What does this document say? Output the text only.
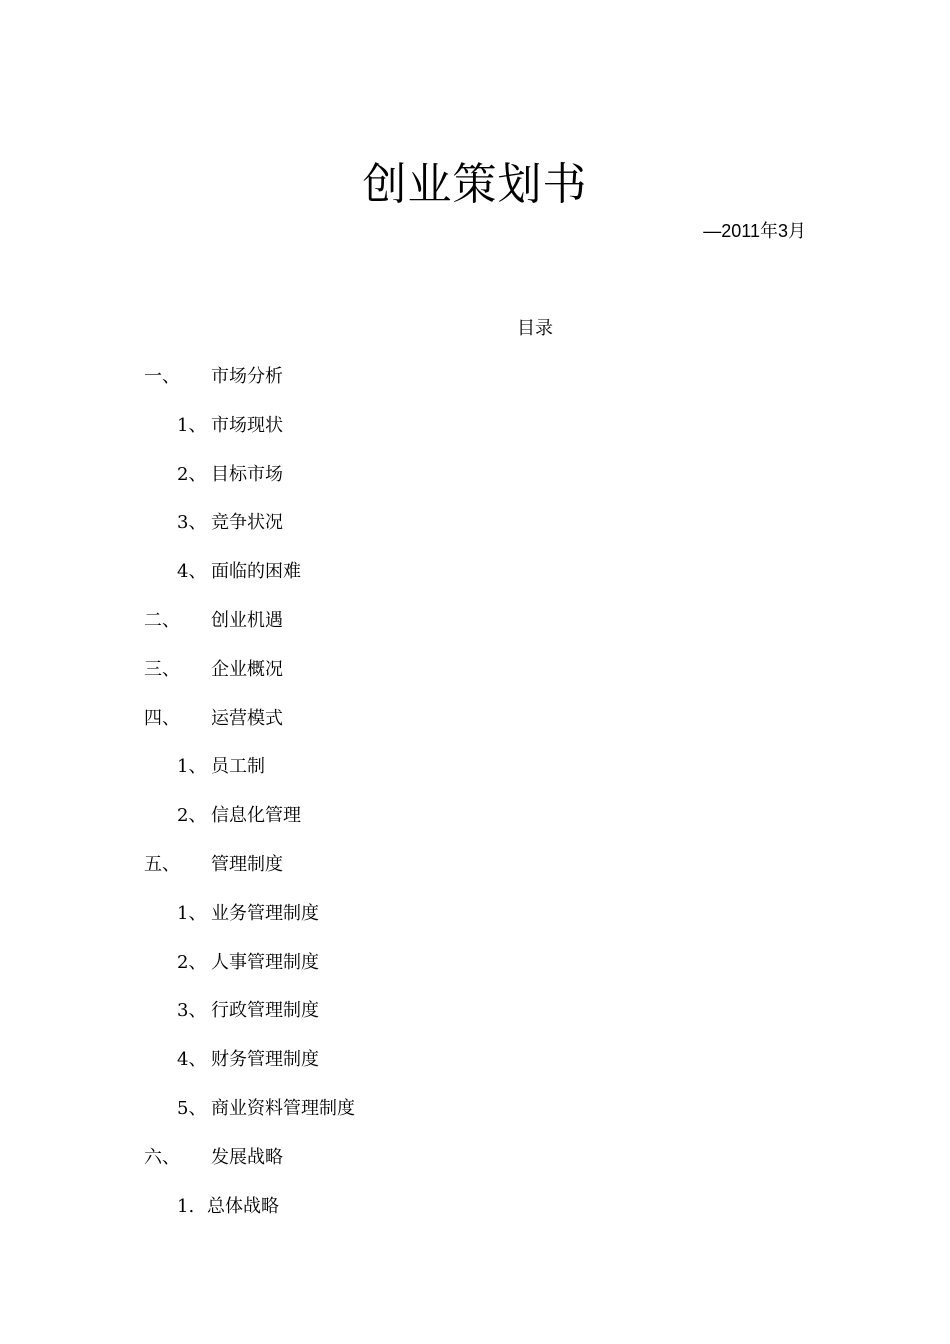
创业策划书
—2011年3月
目录
一、 市场分析
1、 市场现状
2、 目标市场
3、 竞争状况
4、 面临的困难
二、 创业机遇
三、 企业概况
四、 运营模式
1、 员工制
2、 信息化管理
五、 管理制度
1、 业务管理制度
2、 人事管理制度
3、 行政管理制度
4、 财务管理制度
5、 商业资料管理制度
六、 发展战略
1. 总体战略
